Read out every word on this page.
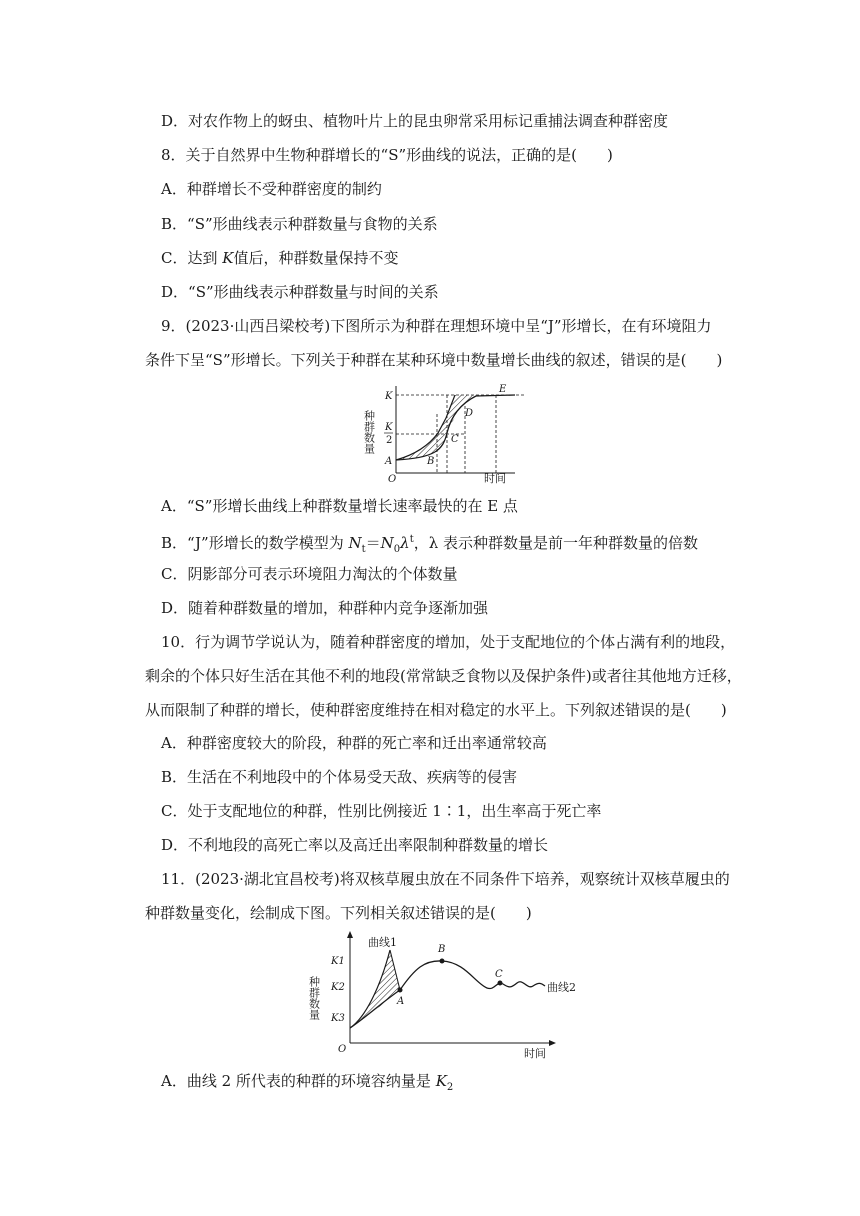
D．对农作物上的蚜虫、植物叶片上的昆虫卵常采用标记重捕法调查种群密度
8．关于自然界中生物种群增长的“S”形曲线的说法，正确的是(　　)
A．种群增长不受种群密度的制约
B．“S”形曲线表示种群数量与食物的关系
C．达到 K值后，种群数量保持不变
D．“S”形曲线表示种群数量与时间的关系
9．(2023·山西吕梁校考)下图所示为种群在理想环境中呈“J”形增长，在有环境阻力
条件下呈“S”形增长。下列关于种群在某种环境中数量增长曲线的叙述，错误的是(　　)
种群数量
时间
O
K
K
2
A	B
C
D
E
A．“S”形增长曲线上种群数量增长速率最快的在 E 点
B．“J”形增长的数学模型为 $N_t=N_0\lambda^t$，λ 表示种群数量是前一年种群数量的倍数
C．阴影部分可表示环境阻力淘汰的个体数量
D．随着种群数量的增加，种群种内竞争逐渐加强
10．行为调节学说认为，随着种群密度的增加，处于支配地位的个体占满有利的地段，
剩余的个体只好生活在其他不利的地段(常常缺乏食物以及保护条件)或者往其他地方迁移，
从而限制了种群的增长，使种群密度维持在相对稳定的水平上。下列叙述错误的是(　　)
A．种群密度较大的阶段，种群的死亡率和迁出率通常较高
B．生活在不利地段中的个体易受天敌、疾病等的侵害
C．处于支配地位的种群，性别比例接近 1∶1，出生率高于死亡率
D．不利地段的高死亡率以及高迁出率限制种群数量的增长
11．(2023·湖北宜昌校考)将双核草履虫放在不同条件下培养，观察统计双核草履虫的
种群数量变化，绘制成下图。下列相关叙述错误的是(　　)
种群数量
时间
O
K1
K2
K3
曲线1
曲线2
A
B
C
A．曲线 2 所代表的种群的环境容纳量是 $K_2$
